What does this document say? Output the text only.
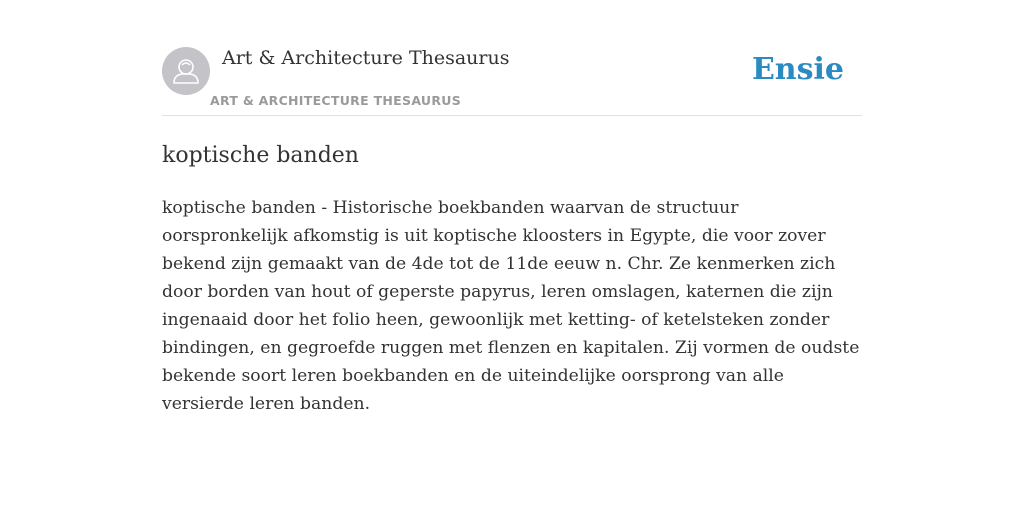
Art & Architecture Thesaurus
ART & ARCHITECTURE THESAURUS
Ensie
koptische banden

koptische banden - Historische boekbanden waarvan de structuur oorspronkelijk afkomstig is uit koptische kloosters in Egypte, die voor zover bekend zijn gemaakt van de 4de tot de 11de eeuw n. Chr. Ze kenmerken zich door borden van hout of geperste papyrus, leren omslagen, katernen die zijn ingenaaid door het folio heen, gewoonlijk met ketting- of ketelsteken zonder bindingen, en gegroefde ruggen met flenzen en kapitalen. Zij vormen de oudste bekende soort leren boekbanden en de uiteindelijke oorsprong van alle versierde leren banden.
